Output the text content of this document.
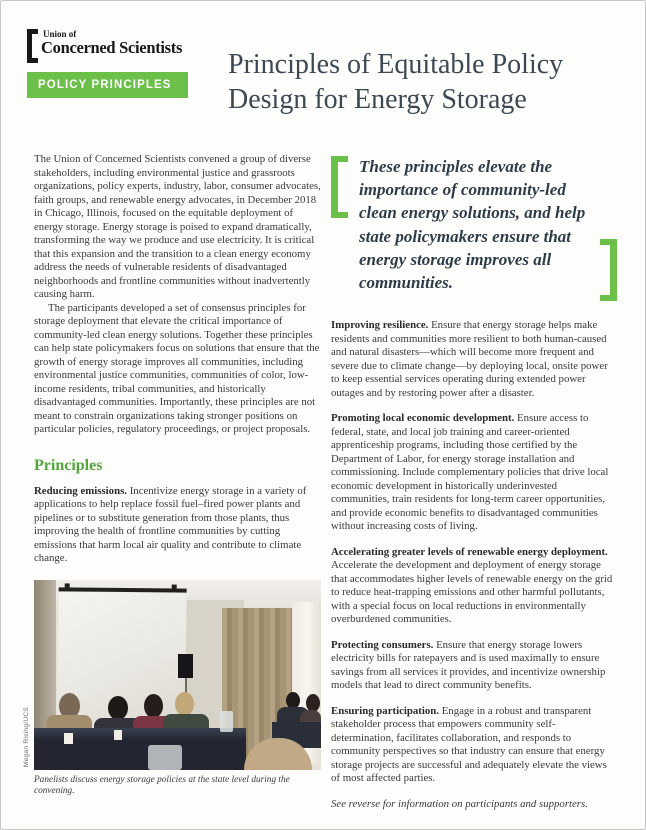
Union of
Concerned Scientists
POLICY PRINCIPLES
Principles of Equitable Policy
Design for Energy Storage

The Union of Concerned Scientists convened a group of diverse stakeholders, including environmental justice and grassroots organizations, policy experts, industry, labor, consumer advocates, faith groups, and renewable energy advocates, in December 2018 in Chicago, Illinois, focused on the equitable deployment of energy storage. Energy storage is poised to expand dramatically, transforming the way we produce and use electricity. It is critical that this expansion and the transition to a clean energy economy address the needs of vulnerable residents of disadvantaged neighborhoods and frontline communities without inadvertently causing harm.

The participants developed a set of consensus principles for storage deployment that elevate the critical importance of community-led clean energy solutions. Together these principles can help state policymakers focus on solutions that ensure that the growth of energy storage improves all communities, including environmental justice communities, communities of color, low-income residents, tribal communities, and historically disadvantaged communities. Importantly, these principles are not meant to constrain organizations taking stronger positions on particular policies, regulatory proceedings, or project proposals.

Principles

Reducing emissions. Incentivize energy storage in a variety of applications to help replace fossil fuel–fired power plants and pipelines or to substitute generation from those plants, thus improving the health of frontline communities by cutting emissions that harm local air quality and contribute to climate change.

Megan Rising/UCS
Panelists discuss energy storage policies at the state level during the convening.
These principles elevate the importance of community-led clean energy solutions, and help state policymakers ensure that energy storage improves all communities.

Improving resilience. Ensure that energy storage helps make residents and communities more resilient to both human-caused and natural disasters—which will become more frequent and severe due to climate change—by deploying local, onsite power to keep essential services operating during extended power outages and by restoring power after a disaster.

Promoting local economic development. Ensure access to federal, state, and local job training and career-oriented apprenticeship programs, including those certified by the Department of Labor, for energy storage installation and commissioning. Include complementary policies that drive local economic development in historically underinvested communities, train residents for long-term career opportunities, and provide economic benefits to disadvantaged communities without increasing costs of living.

Accelerating greater levels of renewable energy deployment. Accelerate the development and deployment of energy storage that accommodates higher levels of renewable energy on the grid to reduce heat-trapping emissions and other harmful pollutants, with a special focus on local reductions in environmentally overburdened communities.

Protecting consumers. Ensure that energy storage lowers electricity bills for ratepayers and is used maximally to ensure savings from all services it provides, and incentivize ownership models that lead to direct community benefits.

Ensuring participation. Engage in a robust and transparent stakeholder process that empowers community self-determination, facilitates collaboration, and responds to community perspectives so that industry can ensure that energy storage projects are successful and adequately elevate the views of most affected parties.

See reverse for information on participants and supporters.
